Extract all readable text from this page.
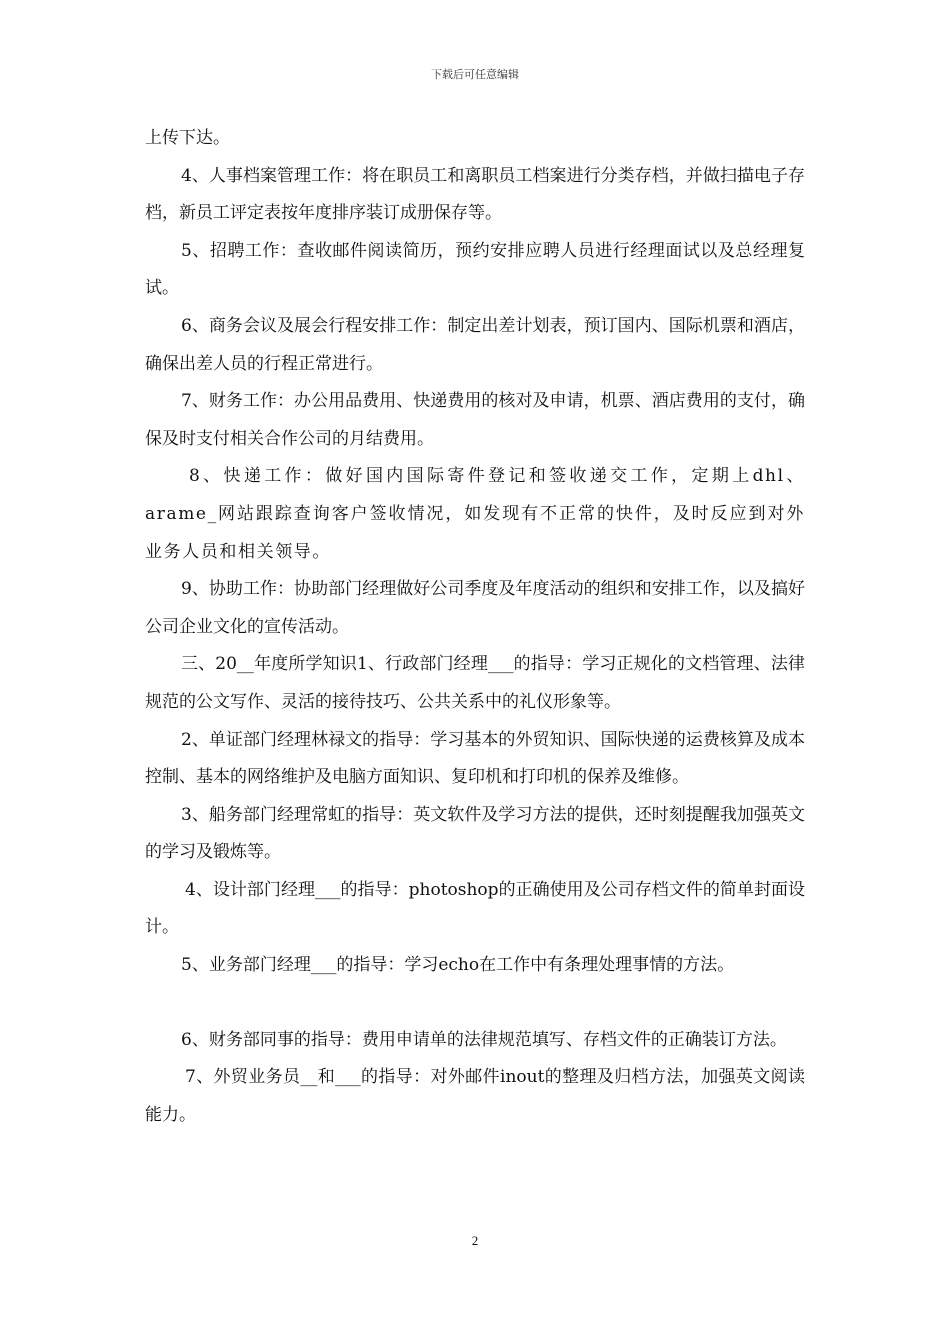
下载后可任意编辑

上传下达。

4、人事档案管理工作：将在职员工和离职员工档案进行分类存档，并做扫描电子存档，新员工评定表按年度排序装订成册保存等。

5、招聘工作：查收邮件阅读简历，预约安排应聘人员进行经理面试以及总经理复试。

6、商务会议及展会行程安排工作：制定出差计划表，预订国内、国际机票和酒店，确保出差人员的行程正常进行。

7、财务工作：办公用品费用、快递费用的核对及申请，机票、酒店费用的支付，确保及时支付相关合作公司的月结费用。

8、快递工作：做好国内国际寄件登记和签收递交工作，定期上dhl、arame_网站跟踪查询客户签收情况，如发现有不正常的快件，及时反应到对外业务人员和相关领导。

9、协助工作：协助部门经理做好公司季度及年度活动的组织和安排工作，以及搞好公司企业文化的宣传活动。

三、20__年度所学知识1、行政部门经理___的指导：学习正规化的文档管理、法律规范的公文写作、灵活的接待技巧、公共关系中的礼仪形象等。

2、单证部门经理林禄文的指导：学习基本的外贸知识、国际快递的运费核算及成本控制、基本的网络维护及电脑方面知识、复印机和打印机的保养及维修。

3、船务部门经理常虹的指导：英文软件及学习方法的提供，还时刻提醒我加强英文的学习及锻炼等。

4、设计部门经理___的指导：photoshop的正确使用及公司存档文件的简单封面设计。

5、业务部门经理___的指导：学习echo在工作中有条理处理事情的方法。

6、财务部同事的指导：费用申请单的法律规范填写、存档文件的正确装订方法。

7、外贸业务员__和___的指导：对外邮件inout的整理及归档方法，加强英文阅读能力。

2
